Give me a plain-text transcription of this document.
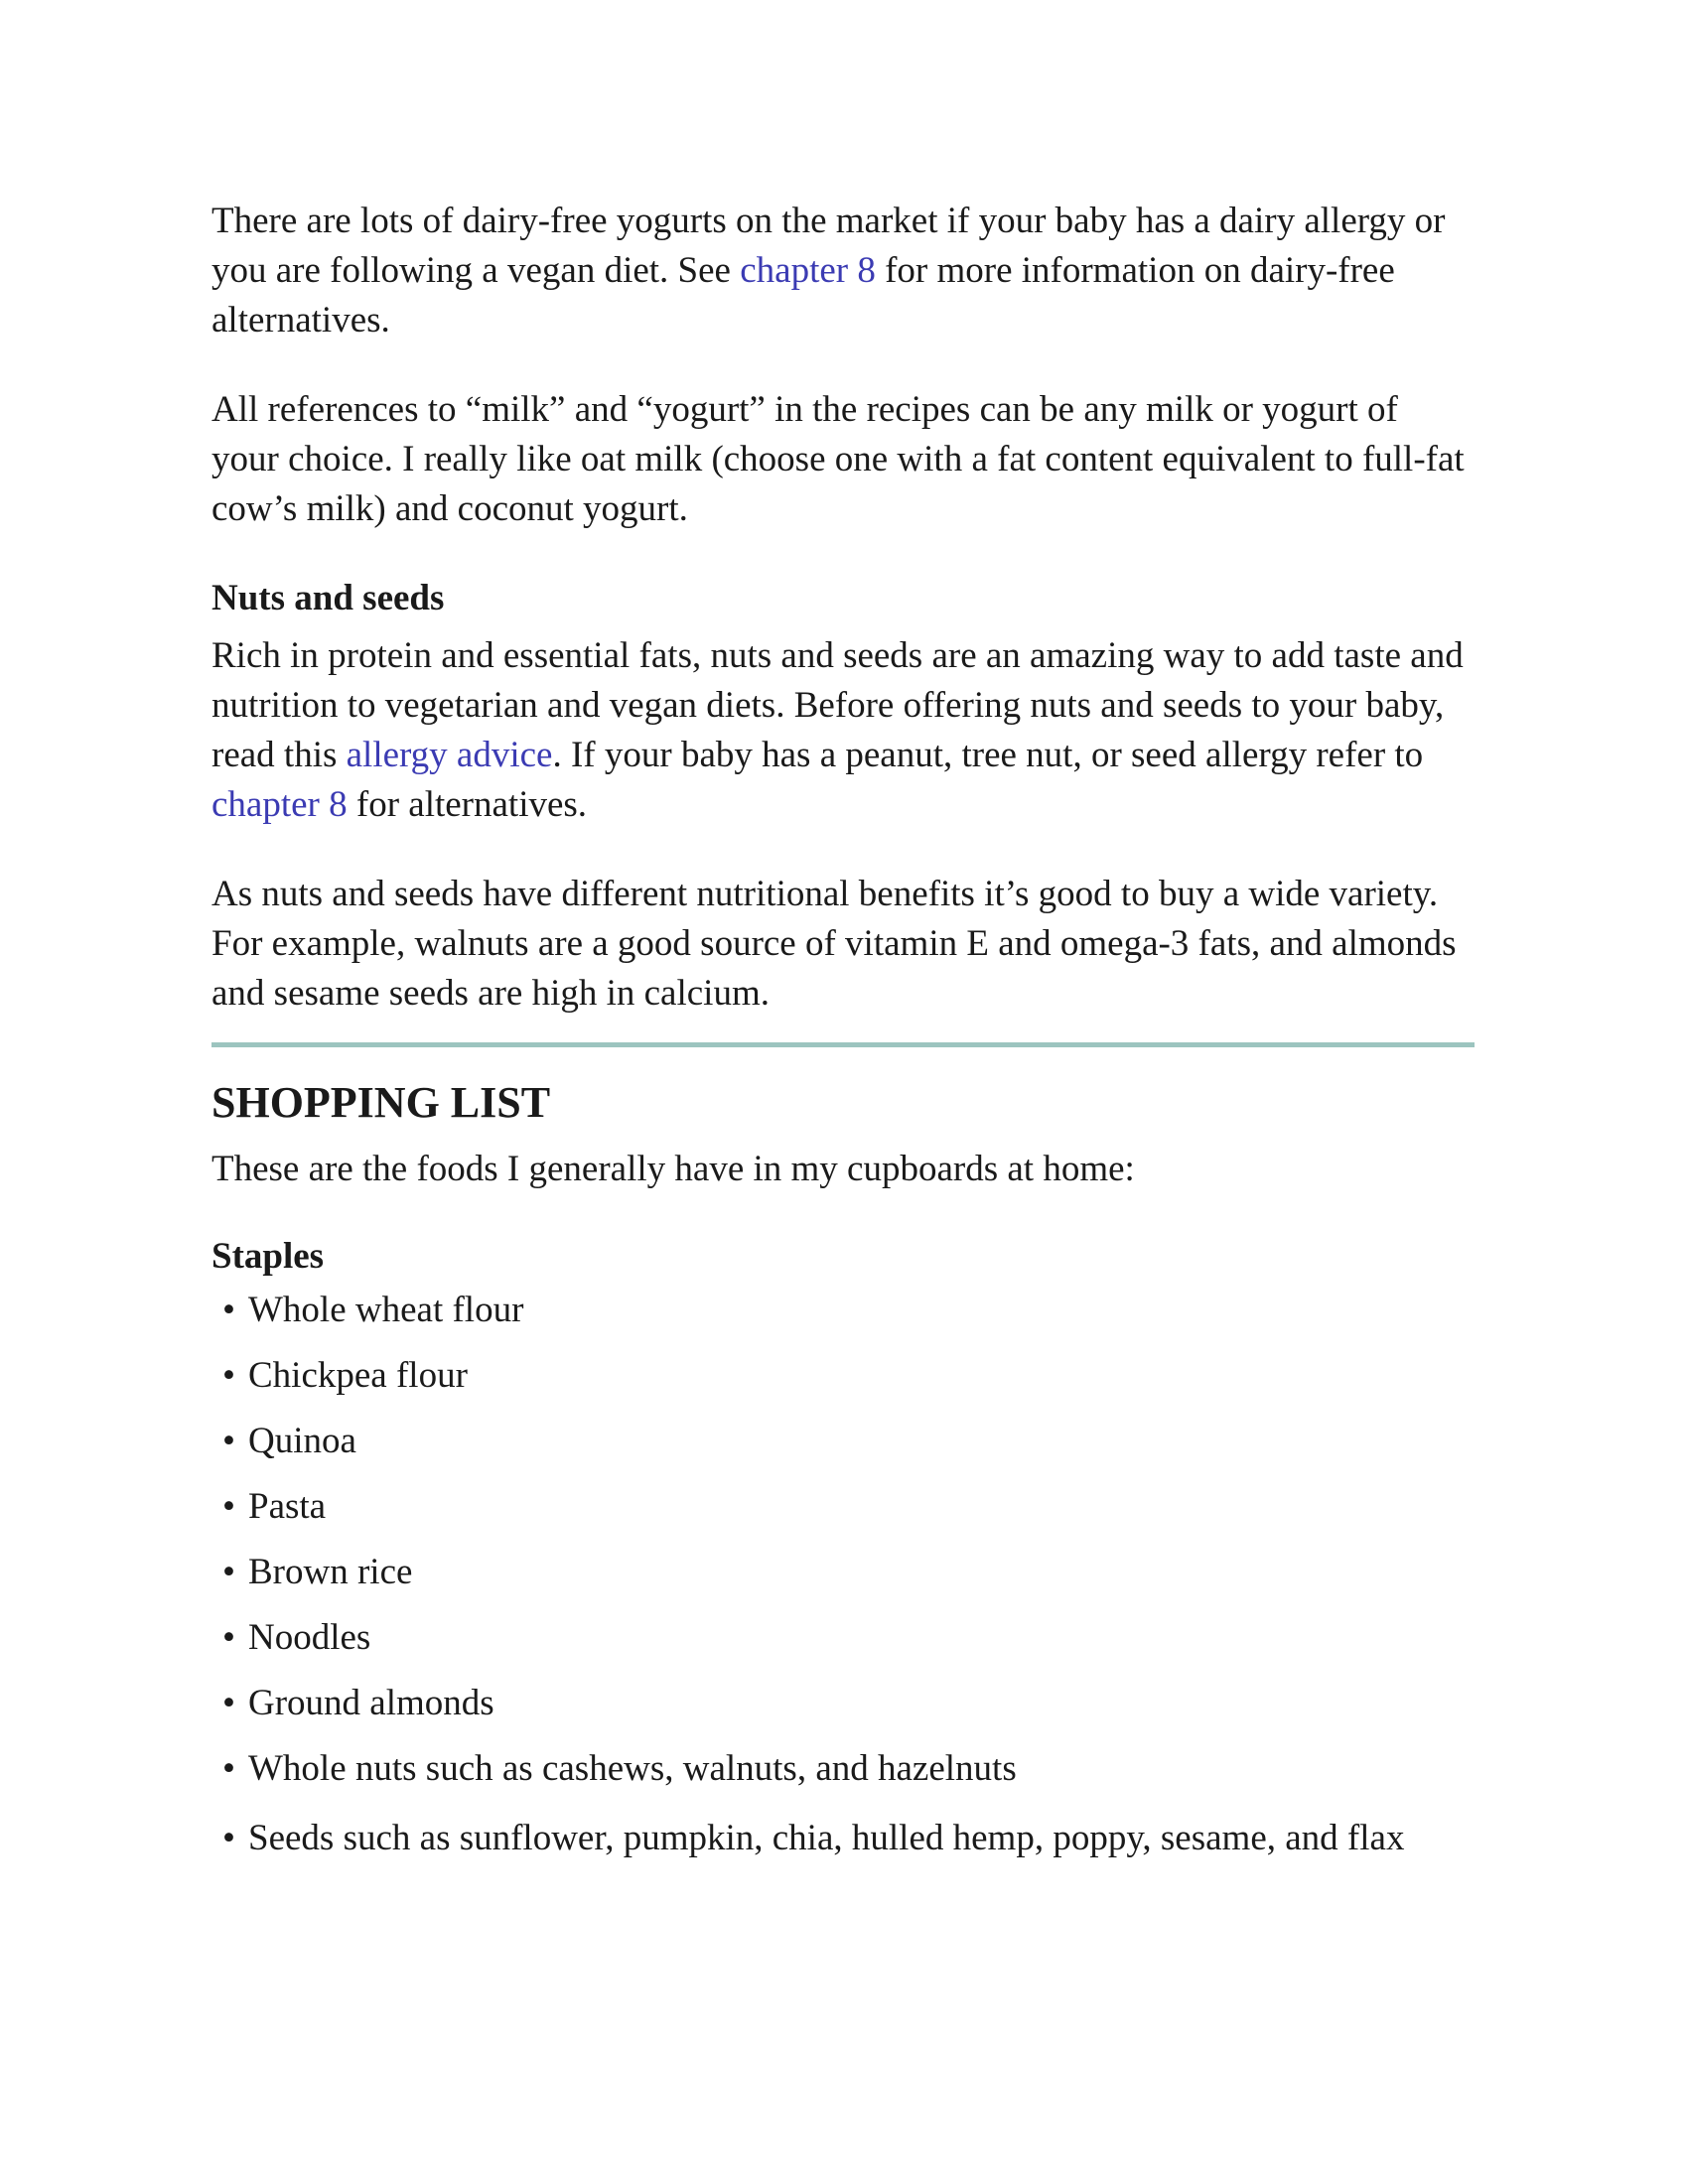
There are lots of dairy-free yogurts on the market if your baby has a dairy allergy or you are following a vegan diet. See chapter 8 for more information on dairy-free alternatives.

All references to “milk” and “yogurt” in the recipes can be any milk or yogurt of your choice. I really like oat milk (choose one with a fat content equivalent to full-fat cow’s milk) and coconut yogurt.

Nuts and seeds

Rich in protein and essential fats, nuts and seeds are an amazing way to add taste and nutrition to vegetarian and vegan diets. Before offering nuts and seeds to your baby, read this allergy advice. If your baby has a peanut, tree nut, or seed allergy refer to chapter 8 for alternatives.

As nuts and seeds have different nutritional benefits it’s good to buy a wide variety. For example, walnuts are a good source of vitamin E and omega-3 fats, and almonds and sesame seeds are high in calcium.

SHOPPING LIST

These are the foods I generally have in my cupboards at home:

Staples
• Whole wheat flour
• Chickpea flour
• Quinoa
• Pasta
• Brown rice
• Noodles
• Ground almonds
• Whole nuts such as cashews, walnuts, and hazelnuts
• Seeds such as sunflower, pumpkin, chia, hulled hemp, poppy, sesame, and flax
